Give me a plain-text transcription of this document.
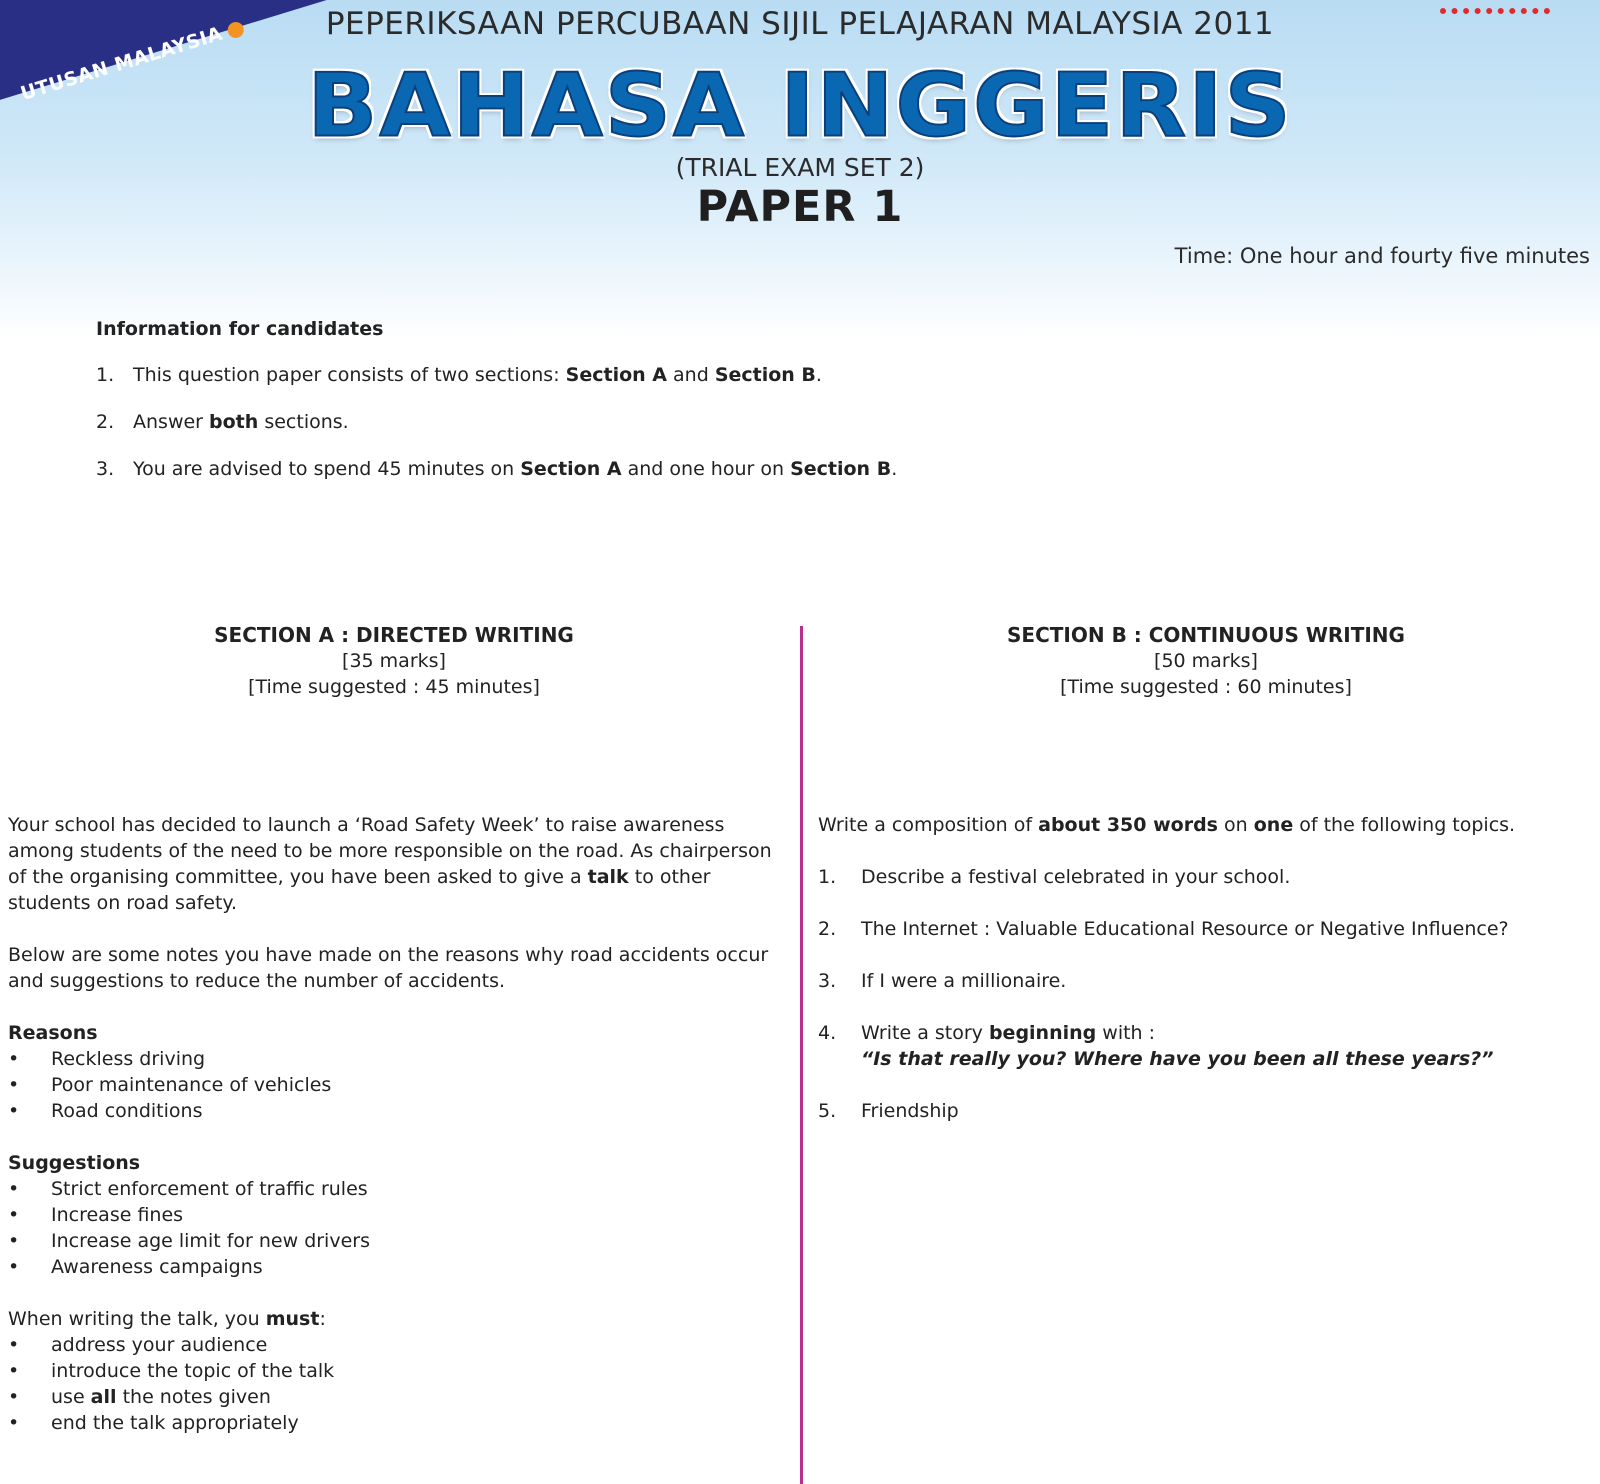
UTUSAN MALAYSIA	PEPERIKSAAN PERCUBAAN SIJIL PELAJARAN MALAYSIA 2011
BAHASA INGGERIS
(TRIAL EXAM SET 2)
PAPER 1
Time: One hour and fourty five minutes
Information for candidates
1. This question paper consists of two sections: Section A and Section B.
2. Answer both sections.
3. You are advised to spend 45 minutes on Section A and one hour on Section B.
SECTION A : DIRECTED WRITING
[35 marks]
[Time suggested : 45 minutes]
SECTION B : CONTINUOUS WRITING
[50 marks]
[Time suggested : 60 minutes]

Your school has decided to launch a ‘Road Safety Week’ to raise awareness among students of the need to be more responsible on the road. As chairperson of the organising committee, you have been asked to give a talk to other students on road safety.

Below are some notes you have made on the reasons why road accidents occur and suggestions to reduce the number of accidents.

Reasons
• Reckless driving
• Poor maintenance of vehicles
• Road conditions
Suggestions
• Strict enforcement of traffic rules
• Increase fines
• Increase age limit for new drivers
• Awareness campaigns

When writing the talk, you must:

• address your audience
• introduce the topic of the talk
• use all the notes given
• end the talk appropriately

Write a composition of about 350 words on one of the following topics.

1. Describe a festival celebrated in your school.
2. The Internet : Valuable Educational Resource or Negative Influence?
3. If I were a millionaire.
4. Write a story beginning with :
“Is that really you? Where have you been all these years?”
5. Friendship
